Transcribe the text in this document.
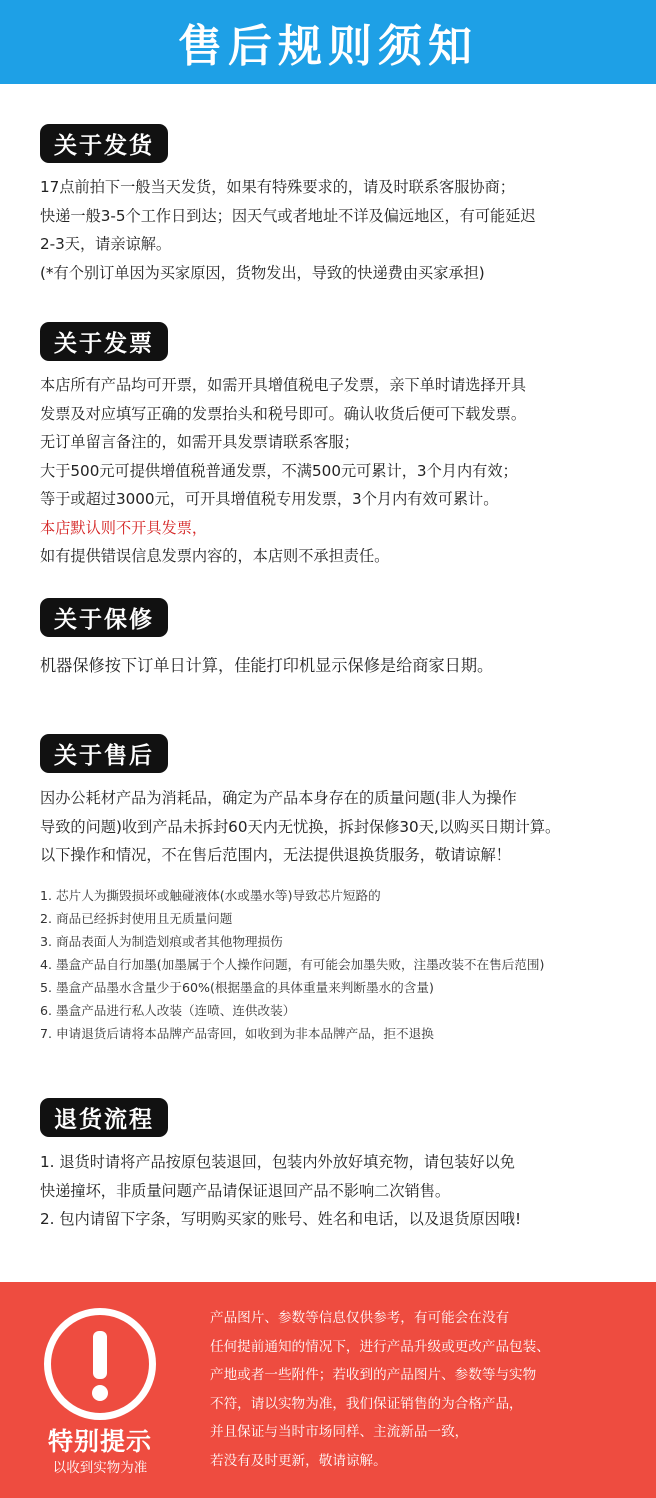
售后规则须知
关于发货
17点前拍下一般当天发货，如果有特殊要求的，请及时联系客服协商；
快递一般3-5个工作日到达；因天气或者地址不详及偏远地区，有可能延迟
2-3天，请亲谅解。
(*有个别订单因为买家原因，货物发出，导致的快递费由买家承担)
关于发票
本店所有产品均可开票，如需开具增值税电子发票，亲下单时请选择开具
发票及对应填写正确的发票抬头和税号即可。确认收货后便可下载发票。
无订单留言备注的，如需开具发票请联系客服；
大于500元可提供增值税普通发票，不满500元可累计，3个月内有效；
等于或超过3000元，可开具增值税专用发票，3个月内有效可累计。
本店默认则不开具发票，
如有提供错误信息发票内容的，本店则不承担责任。
关于保修
机器保修按下订单日计算，佳能打印机显示保修是给商家日期。
关于售后
因办公耗材产品为消耗品，确定为产品本身存在的质量问题(非人为操作
导致的问题)收到产品未拆封60天内无忧换，拆封保修30天,以购买日期计算。
以下操作和情况，不在售后范围内，无法提供退换货服务，敬请谅解！
1. 芯片人为撕毁损坏或触碰液体(水或墨水等)导致芯片短路的
2. 商品已经拆封使用且无质量问题
3. 商品表面人为制造划痕或者其他物理损伤
4. 墨盒产品自行加墨(加墨属于个人操作问题，有可能会加墨失败，注墨改装不在售后范围)
5. 墨盒产品墨水含量少于60%(根据墨盒的具体重量来判断墨水的含量)
6. 墨盒产品进行私人改装（连喷、连供改装）
7. 申请退货后请将本品牌产品寄回，如收到为非本品牌产品，拒不退换
退货流程
1. 退货时请将产品按原包装退回，包装内外放好填充物，请包装好以免
快递撞坏，非质量问题产品请保证退回产品不影响二次销售。
2. 包内请留下字条，写明购买家的账号、姓名和电话，以及退货原因哦!
特别提示
以收到实物为准
产品图片、参数等信息仅供参考，有可能会在没有
任何提前通知的情况下，进行产品升级或更改产品包装、
产地或者一些附件；若收到的产品图片、参数等与实物
不符，请以实物为准，我们保证销售的为合格产品，
并且保证与当时市场同样、主流新品一致，
若没有及时更新，敬请谅解。
